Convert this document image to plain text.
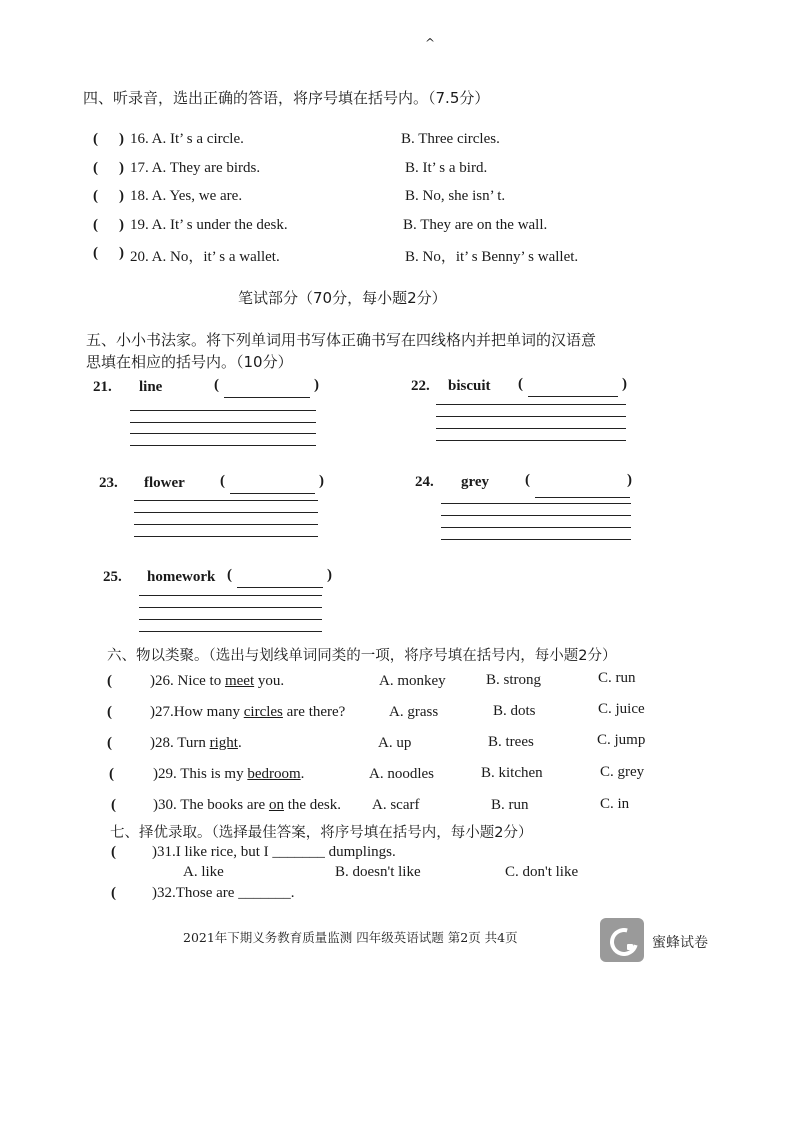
^
四、听录音，选出正确的答语，将序号填在括号内。（7.5分）
( 16. A. It’ s a circle.	B. Three circles.
( 17. A. They are birds.	B. It’ s a bird.
( 18. A. Yes, we are.	B. No, she isn’ t.
( 19. A. It’ s under the desk.	B. They are on the wall.
( 20. A. No，it’ s a wallet.	B. No，it’ s Benny’ s wallet.
)
)
)
)
)
笔试部分（70分，每小题2分）
五、小小书法家。将下列单词用书写体正确书写在四线格内并把单词的汉语意
思填在相应的括号内。（10分）
21. line	(	)	22. biscuit (	)
23. flower (	)	24. grey (	)
25. homework (	)
六、物以类聚。（选出与划线单词同类的一项，将序号填在括号内，每小题2分）
(	)26. Nice to meet you.	A. monkey	B. strong	C. run
(	)27.How many circles are there?	A. grass	B. dots	C. juice
(	)28. Turn right.	A. up	B. trees	C. jump
(	)29. This is my bedroom.	A. noodles	B. kitchen	C. grey
( )30. The books are on the desk. A. scarf	B. run	C. in
七、择优录取。（选择最佳答案，将序号填在括号内，每小题2分）
( )31.I like rice, but I _______ dumplings.
A. like	B. doesn't like	C. don't like
( )32.Those are _______.
2021年下期义务教育质量监测 四年级英语试题 第2页 共4页	蜜蜂试卷
